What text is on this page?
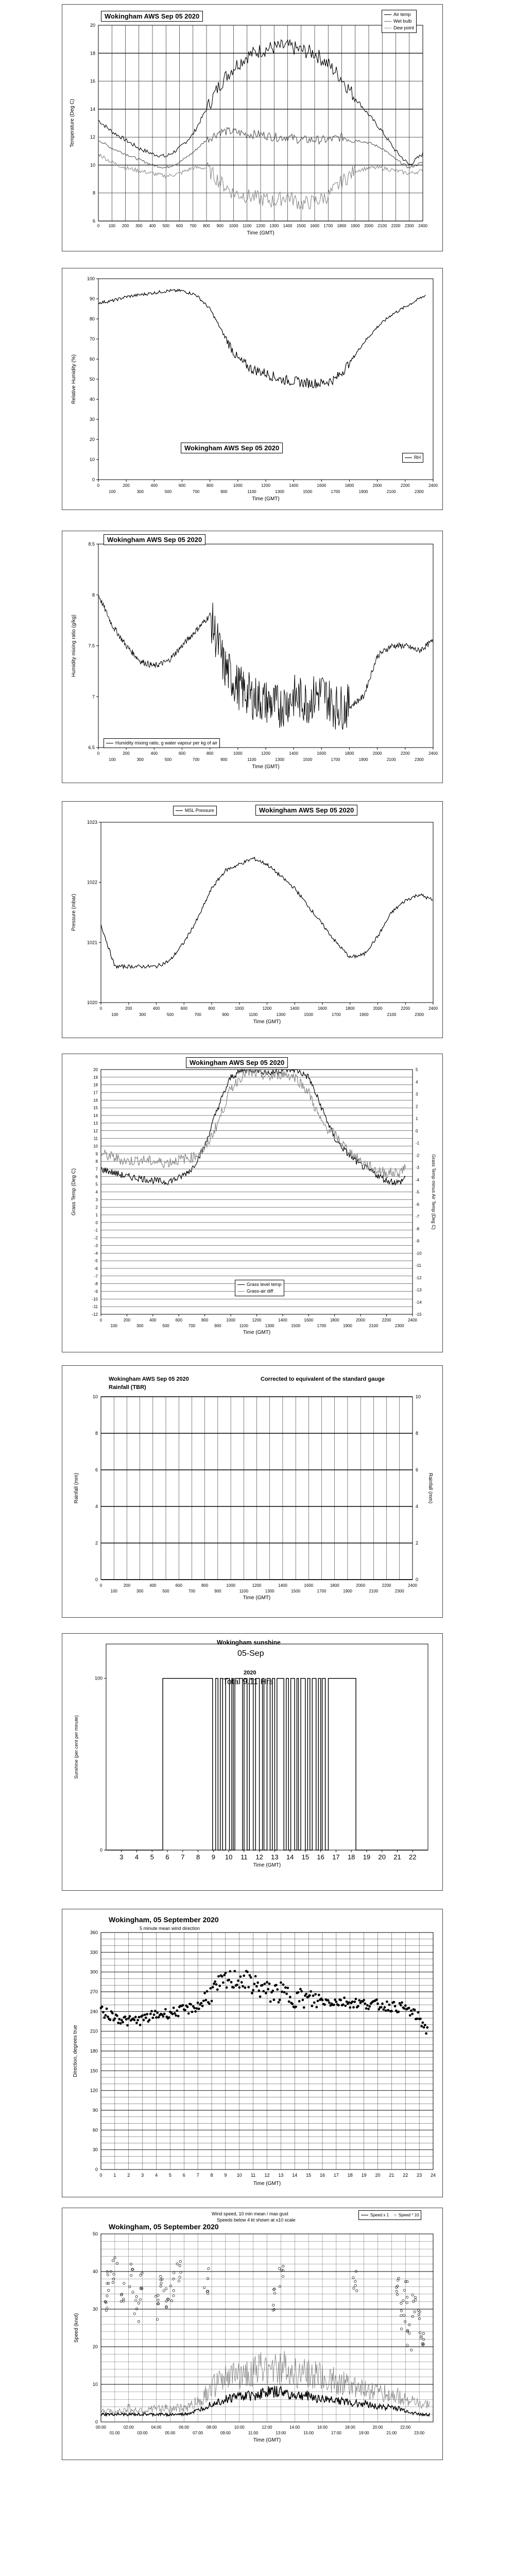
6
8
10
12
14
16
18
20
0 100 200 300 400 500 600 700 800 900 1000 1100 1200 1300 1400 1500 1600 1700 1800 1900 2000 2100 2200 2300 2400
Time (GMT)
Temperature (Deg C)
Wokingham AWS Sep 05 2020	Air temp
Wet bulb
Dew point
0
10
20
30
40
50
60
70
80
90
100
0	200	400	600	800	1000	1200	1400	1600	1800	2000	2200	2400
100	300	500	700	900	1100	1300	1500	1700	1900	2100	2300
Time (GMT)
Relative Humidity (%)
Wokingham AWS Sep 05 2020
RH
6.5
7
7.5
8
8.5
0	200	400	600	800	1000	1200	1400	1600	1800	2000	2200	2400
100	300	500	700	900	1100	1300	1500	1700	1900	2100	2300
Time (GMT)
Humidity mixing ratio (g/kg)
Wokingham AWS Sep 05 2020
Humidity mixing ratio, g water vapour per kg of air
1020
1021
1022
1023
0	200	400	600	800	1000	1200	1400	1600	1800	2000	2200	2400
100	300	500	700	900	1100	1300	1500	1700	1900	2100	2300
Time (GMT)
Pressure (mbar)
MSL Pressure	Wokingham AWS Sep 05 2020
-12
-11
-10
-9
-8
-7
-6
-5
-4
-3
-2
-1
0
1
2
3
4
5
6
7
8
9
10
11
12
13
14
15
16
17
18
19
20	5
4
3
2
1
0
-1
-2
-3
-4
-5
-6
-7
-8
-9
-10
-11
-12
-13
-14
-15
0	200	400	600	800	1000	1200	1400	1600	1800	2000	2200	2400
100	300	500	700	900	1100	1300	1500	1700	1900	2100	2300
Time (GMT)
Grass Temp (Deg C)	Grass Temp minus Air Temp (Deg C)
Wokingham AWS Sep 05 2020
Grass level temp
Grass-air diff
0	0
2	2
4	4
6	6
8	8
10	10
0	200	400	600	800	1000	1200	1400	1600	1800	2000	2200	2400
100	300	500	700	900	1100	1300	1500	1700	1900	2100	2300
Time (GMT)
Rainfall (mm)	Rainfall (mm)
Wokingham AWS Sep 05 2020
Rainfall (TBR)
Corrected to equivalent of the standard gauge
0
100
3 4 5 6 7 8 9 10 11 12 13 14 15 16 17 18 19 20 21 22
Time (GMT)
Sunshine (per cent per minute)
Wokingham sunshine
05-Sep
2020
Total 9.11 Hrs
0
30
60
90
120
150
180
210
240
270
300
330
360
0 1 2 3 4 5 6 7 8 9 10 11 12 13 14 15 16 17 18 19 20 21 22 23 24
Time (GMT)
Direction, degrees true
Wokingham, 05 September 2020
5 minute mean wind direction
0
10
20
30
40
50
00:00	02:00	04:00	06:00	08:00	10:00	12:00	14:00	16:00	18:00	20:00	22:00
01:00	03:00	05:00	07:00	09:00	11:00	13:00	15:00	17:00	19:00	21:00	23:00
Time (GMT)
Speed (knot)
Wokingham, 05 September 2020
Wind speed, 10 min mean / max gust
Speeds below 4 kt shown at x10 scale
Speed x 1 ○ Speed * 10
